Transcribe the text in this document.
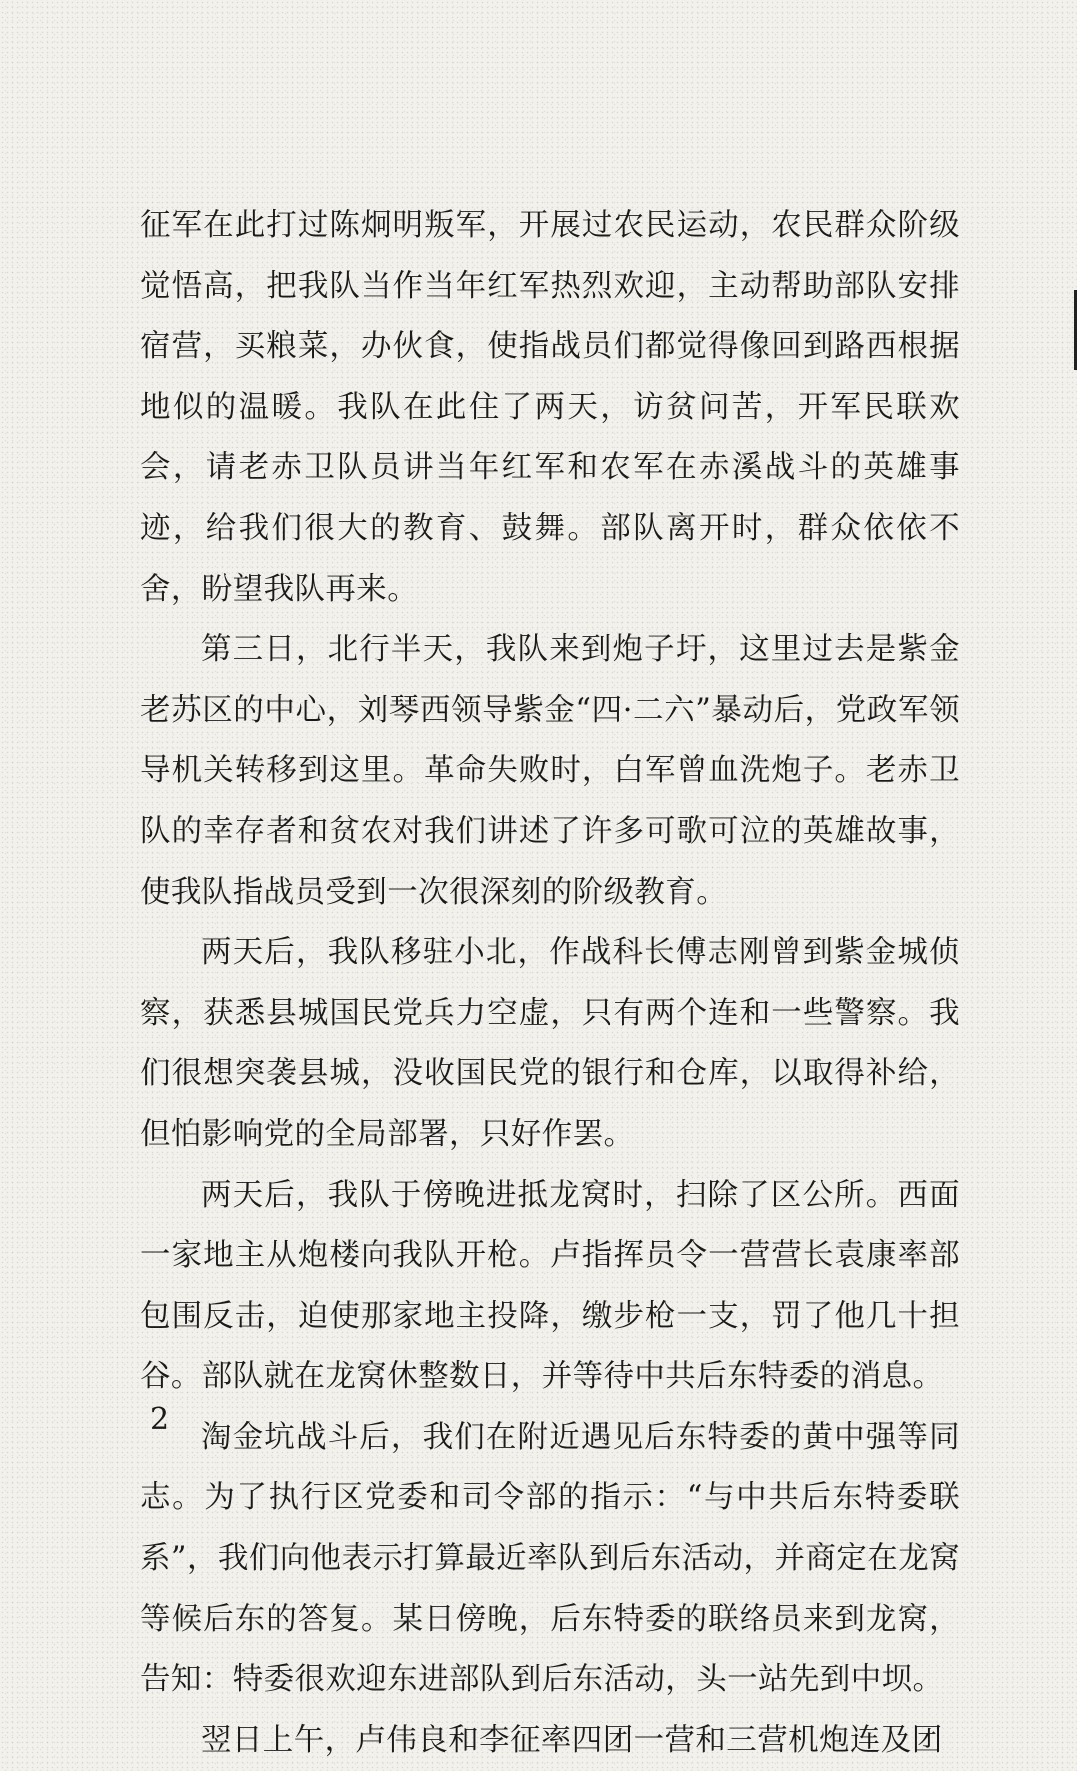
征军在此打过陈炯明叛军，开展过农民运动，农民群众阶级觉悟高，把我队当作当年红军热烈欢迎，主动帮助部队安排宿营，买粮菜，办伙食，使指战员们都觉得像回到路西根据地似的温暖。我队在此住了两天，访贫问苦，开军民联欢会，请老赤卫队员讲当年红军和农军在赤溪战斗的英雄事迹，给我们很大的教育、鼓舞。部队离开时，群众依依不舍，盼望我队再来。

第三日，北行半天，我队来到炮子圩，这里过去是紫金老苏区的中心，刘琴西领导紫金“四·二六”暴动后，党政军领导机关转移到这里。革命失败时，白军曾血洗炮子。老赤卫队的幸存者和贫农对我们讲述了许多可歌可泣的英雄故事，使我队指战员受到一次很深刻的阶级教育。

两天后，我队移驻小北，作战科长傅志刚曾到紫金城侦察，获悉县城国民党兵力空虚，只有两个连和一些警察。我们很想突袭县城，没收国民党的银行和仓库，以取得补给，但怕影响党的全局部署，只好作罢。

两天后，我队于傍晚进抵龙窝时，扫除了区公所。西面一家地主从炮楼向我队开枪。卢指挥员令一营营长袁康率部包围反击，迫使那家地主投降，缴步枪一支，罚了他几十担谷。部队就在龙窝休整数日，并等待中共后东特委的消息。

淘金坑战斗后，我们在附近遇见后东特委的黄中强等同志。为了执行区党委和司令部的指示：“与中共后东特委联系”，我们向他表示打算最近率队到后东活动，并商定在龙窝等候后东的答复。某日傍晚，后东特委的联络员来到龙窝，告知：特委很欢迎东进部队到后东活动，头一站先到中坝。

翌日上午，卢伟良和李征率四团一营和三营机炮连及团

2
